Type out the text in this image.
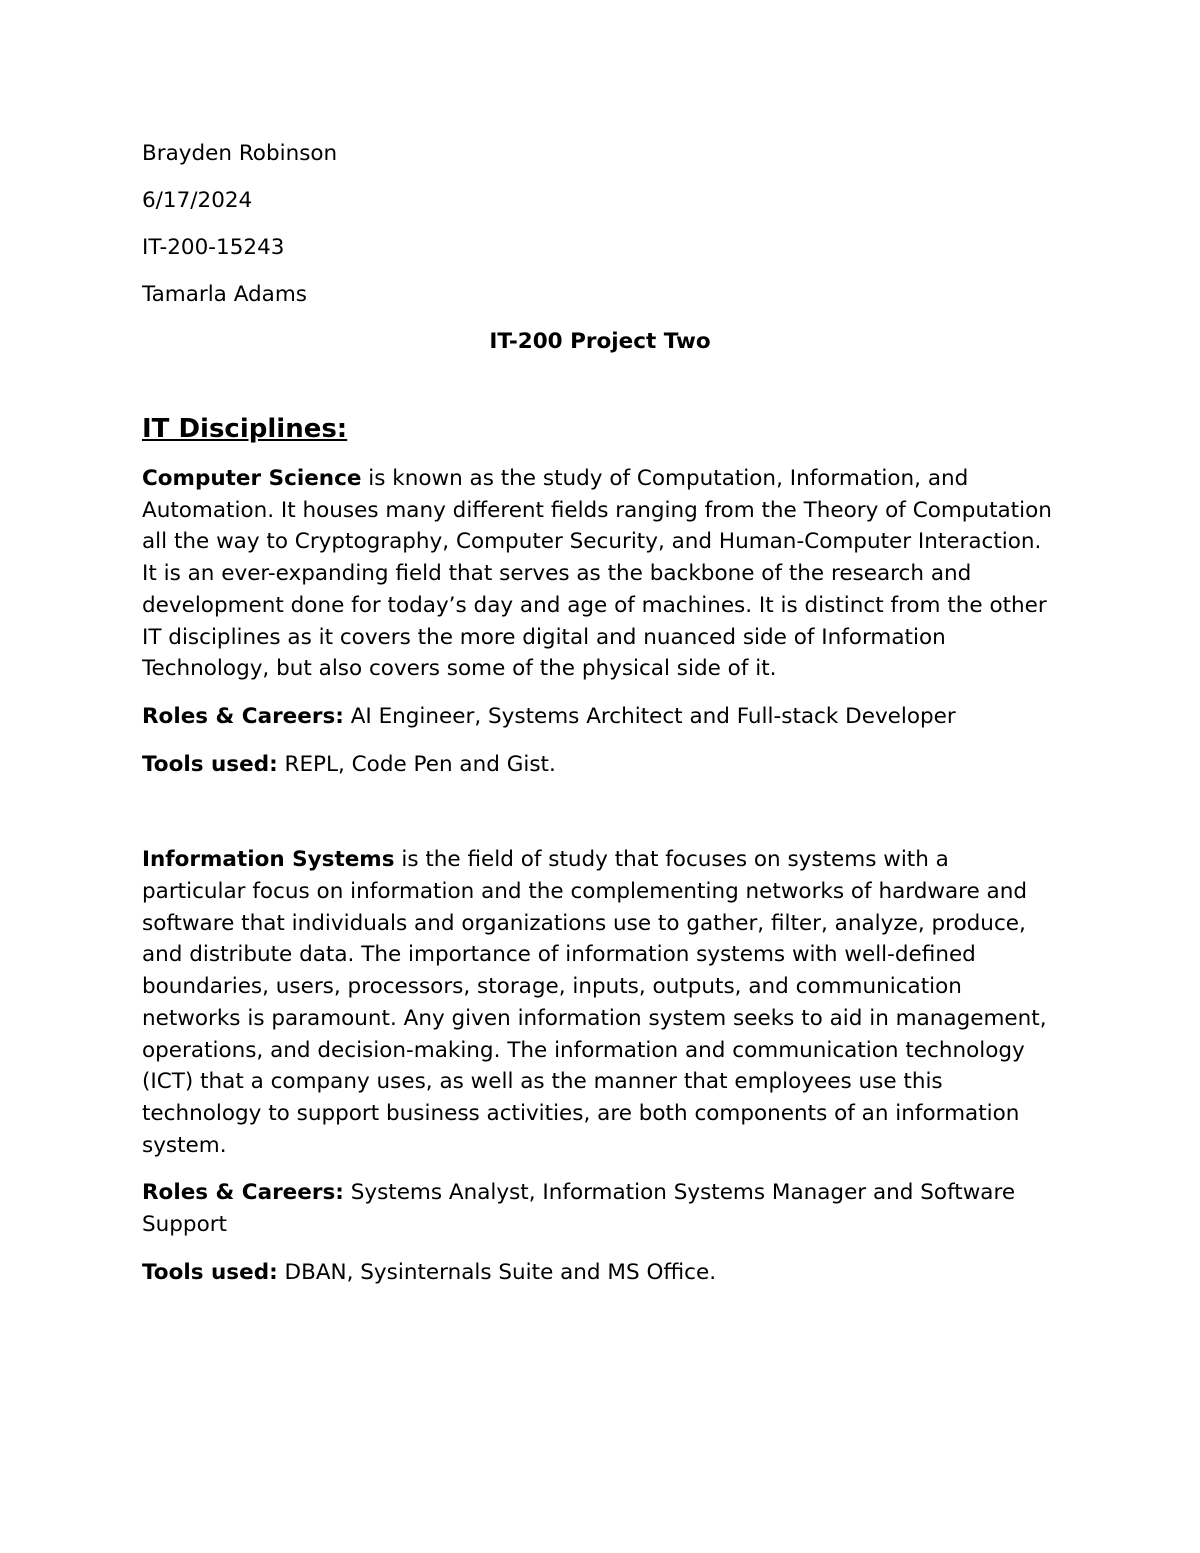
Brayden Robinson

6/17/2024

IT-200-15243

Tamarla Adams

IT-200 Project Two

IT Disciplines:

Computer Science is known as the study of Computation, Information, and Automation. It houses many different fields ranging from the Theory of Computation all the way to Cryptography, Computer Security, and Human-Computer Interaction. It is an ever-expanding field that serves as the backbone of the research and development done for today’s day and age of machines. It is distinct from the other IT disciplines as it covers the more digital and nuanced side of Information Technology, but also covers some of the physical side of it.

Roles & Careers: AI Engineer, Systems Architect and Full-stack Developer

Tools used: REPL, Code Pen and Gist.

Information Systems is the field of study that focuses on systems with a particular focus on information and the complementing networks of hardware and software that individuals and organizations use to gather, filter, analyze, produce, and distribute data. The importance of information systems with well-defined boundaries, users, processors, storage, inputs, outputs, and communication networks is paramount. Any given information system seeks to aid in management, operations, and decision-making. The information and communication technology (ICT) that a company uses, as well as the manner that employees use this technology to support business activities, are both components of an information system.

Roles & Careers: Systems Analyst, Information Systems Manager and Software Support

Tools used: DBAN, Sysinternals Suite and MS Office.
